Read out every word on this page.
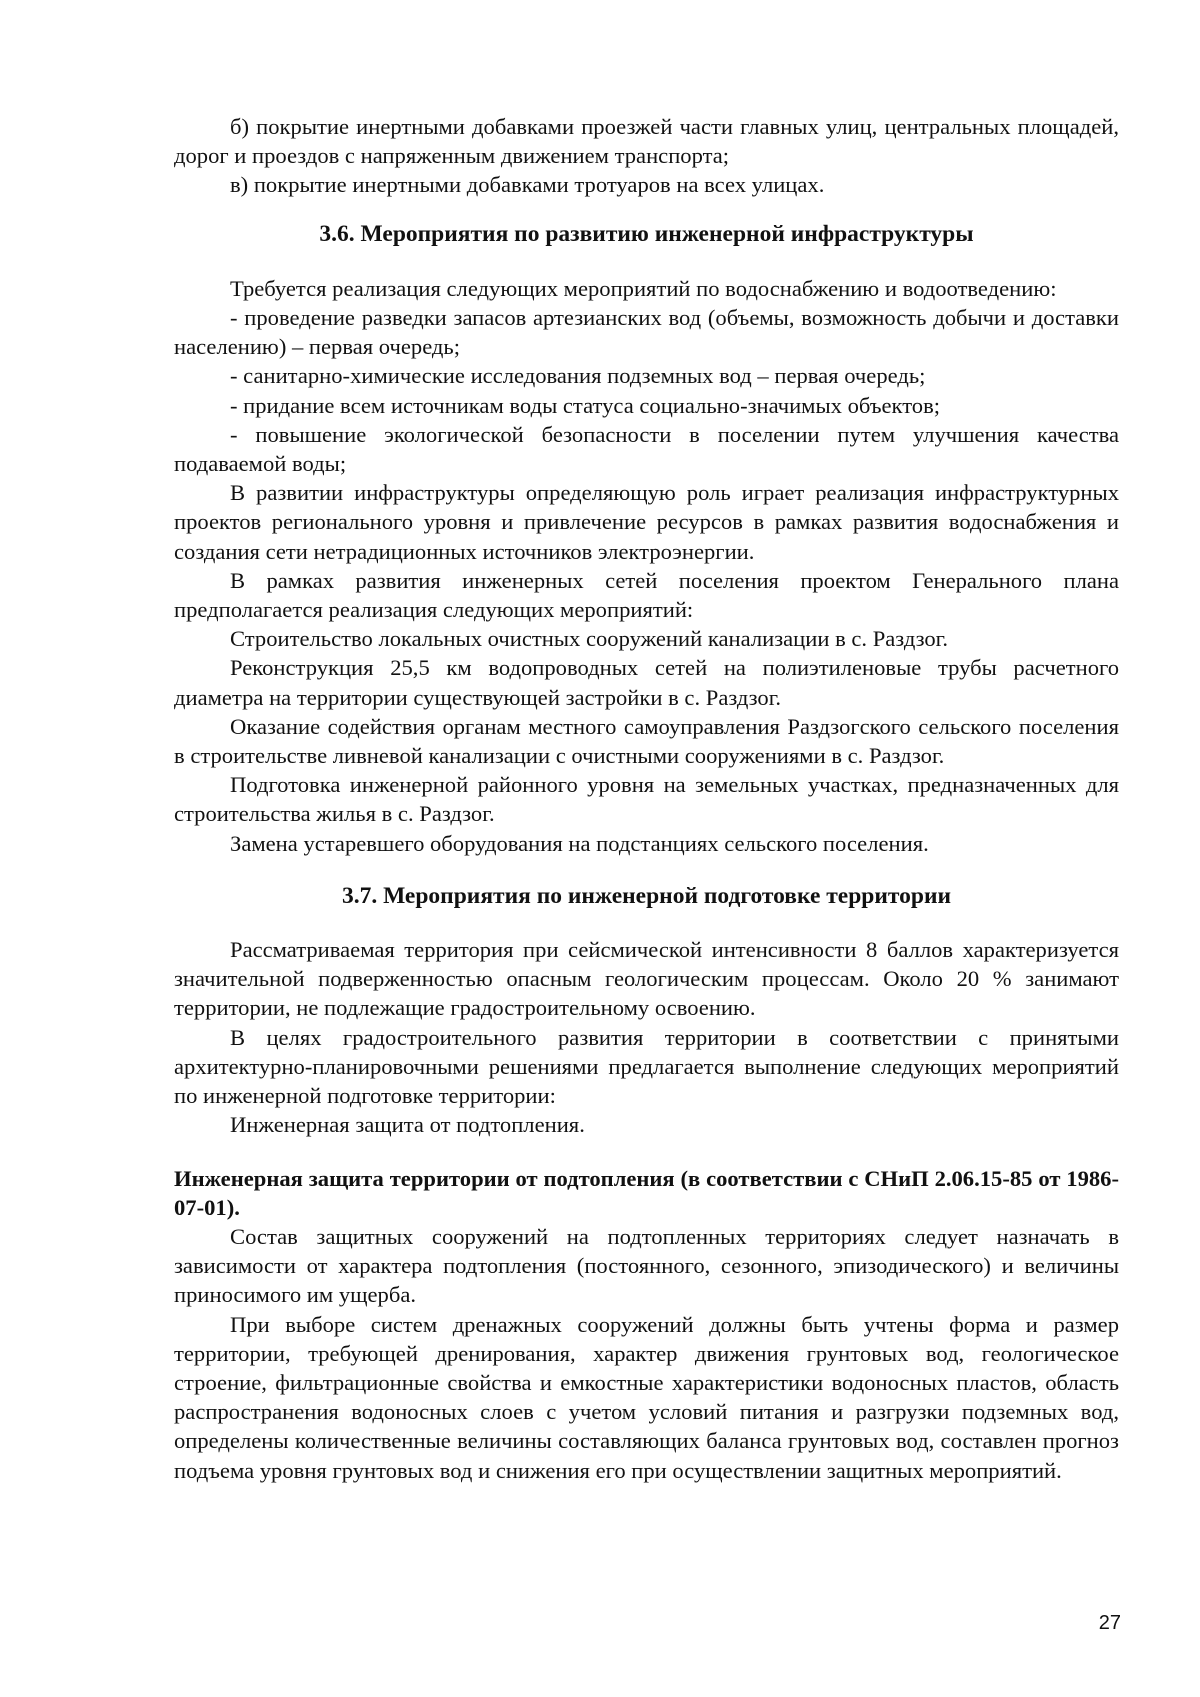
б) покрытие инертными добавками проезжей части главных улиц, центральных площадей, дорог и проездов с напряженным движением транспорта;

в) покрытие инертными добавками тротуаров на всех улицах.

3.6. Мероприятия по развитию инженерной инфраструктуры

Требуется реализация следующих мероприятий по водоснабжению и водоотведению:

- проведение разведки запасов артезианских вод (объемы, возможность добычи и доставки населению) – первая очередь;

- санитарно-химические исследования подземных вод – первая очередь;

- придание всем источникам воды статуса социально-значимых объектов;

- повышение экологической безопасности в поселении путем улучшения качества подаваемой воды;

В развитии инфраструктуры определяющую роль играет реализация инфраструктурных проектов регионального уровня и привлечение ресурсов в рамках развития водоснабжения и создания сети нетрадиционных источников электроэнергии.

В рамках развития инженерных сетей поселения проектом Генерального плана предполагается реализация следующих мероприятий:

Строительство локальных очистных сооружений канализации в с. Раздзог.

Реконструкция 25,5 км водопроводных сетей на полиэтиленовые трубы расчетного диаметра на территории существующей застройки в с. Раздзог.

Оказание содействия органам местного самоуправления Раздзогского сельского поселения в строительстве ливневой канализации с очистными сооружениями в с. Раздзог.

Подготовка инженерной районного уровня на земельных участках, предназначенных для строительства жилья в с. Раздзог.

Замена устаревшего оборудования на подстанциях сельского поселения.

3.7. Мероприятия по инженерной подготовке территории

Рассматриваемая территория при сейсмической интенсивности 8 баллов характеризуется значительной подверженностью опасным геологическим процессам. Около 20 % занимают территории, не подлежащие градостроительному освоению.

В целях градостроительного развития территории в соответствии с принятыми архитектурно-планировочными решениями предлагается выполнение следующих мероприятий по инженерной подготовке территории:

Инженерная защита от подтопления.

Инженерная защита территории от подтопления (в соответствии с СНиП 2.06.15-85 от 1986-07-01).

Состав защитных сооружений на подтопленных территориях следует назначать в зависимости от характера подтопления (постоянного, сезонного, эпизодического) и величины приносимого им ущерба.

При выборе систем дренажных сооружений должны быть учтены форма и размер территории, требующей дренирования, характер движения грунтовых вод, геологическое строение, фильтрационные свойства и емкостные характеристики водоносных пластов, область распространения водоносных слоев с учетом условий питания и разгрузки подземных вод, определены количественные величины составляющих баланса грунтовых вод, составлен прогноз подъема уровня грунтовых вод и снижения его при осуществлении защитных мероприятий.

27
